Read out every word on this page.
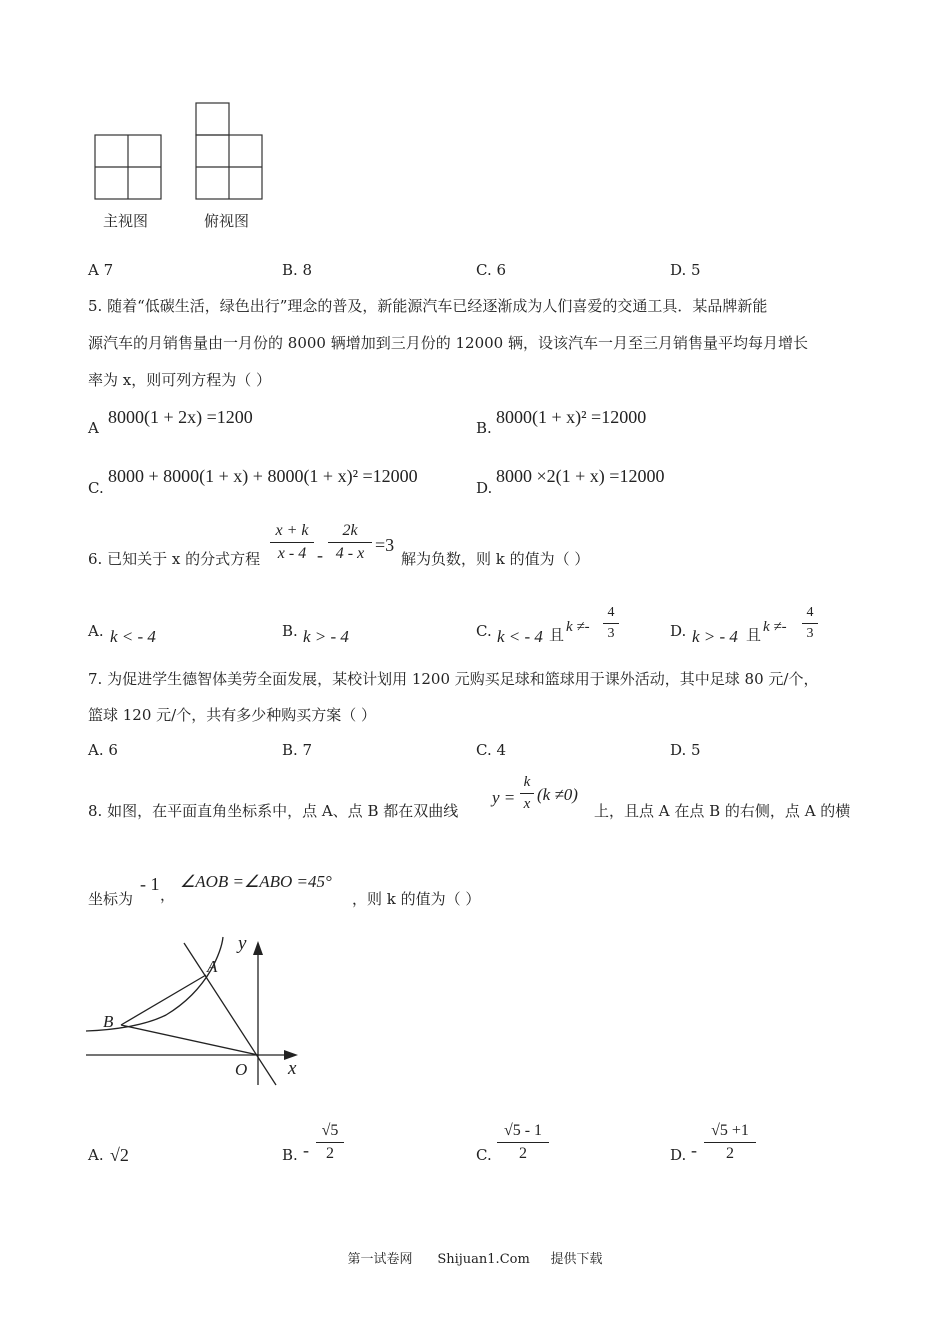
主视图	俯视图
A 7	B. 8	C. 6	D. 5
5. 随着“低碳生活，绿色出行”理念的普及，新能源汽车已经逐渐成为人们喜爱的交通工具．某品牌新能
源汽车的月销售量由一月份的 8000 辆增加到三月份的 12000 辆，设该汽车一月至三月销售量平均每月增长
率为 x，则可列方程为（ ）
A
8000(1 + 2x) =1200
B.
8000(1 + x)² =12000
C.
8000 + 8000(1 + x) + 8000(1 + x)² =12000
D.
8000 ×2(1 + x) =12000
6. 已知关于 x 的分式方程
x + k
x - 4 -
2k
4 - x =3
解为负数，则 k 的值为（ ）
A. k < - 4	B. k > - 4	C. k < - 4 且 k ≠-
4
3	D. k > - 4 且 k ≠-
4
3
7. 为促进学生德智体美劳全面发展，某校计划用 1200 元购买足球和篮球用于课外活动，其中足球 80 元/个，
篮球 120 元/个，共有多少种购买方案（ ）
A. 6	B. 7	C. 4	D. 5
8. 如图，在平面直角坐标系中，点 A、点 B 都在双曲线
y =
k
x (k ≠0)
上，且点 A 在点 B 的右侧，点 A 的横
坐标为
- 1
，
∠AOB =∠ABO =45°
，则 k 的值为（ ）
y
x
A
B
O
A. √2	B. -
√5
2	C.
√5 - 1
2	D. -
√5 +1
2
第一试卷网      Shijuan1.Com     提供下载
